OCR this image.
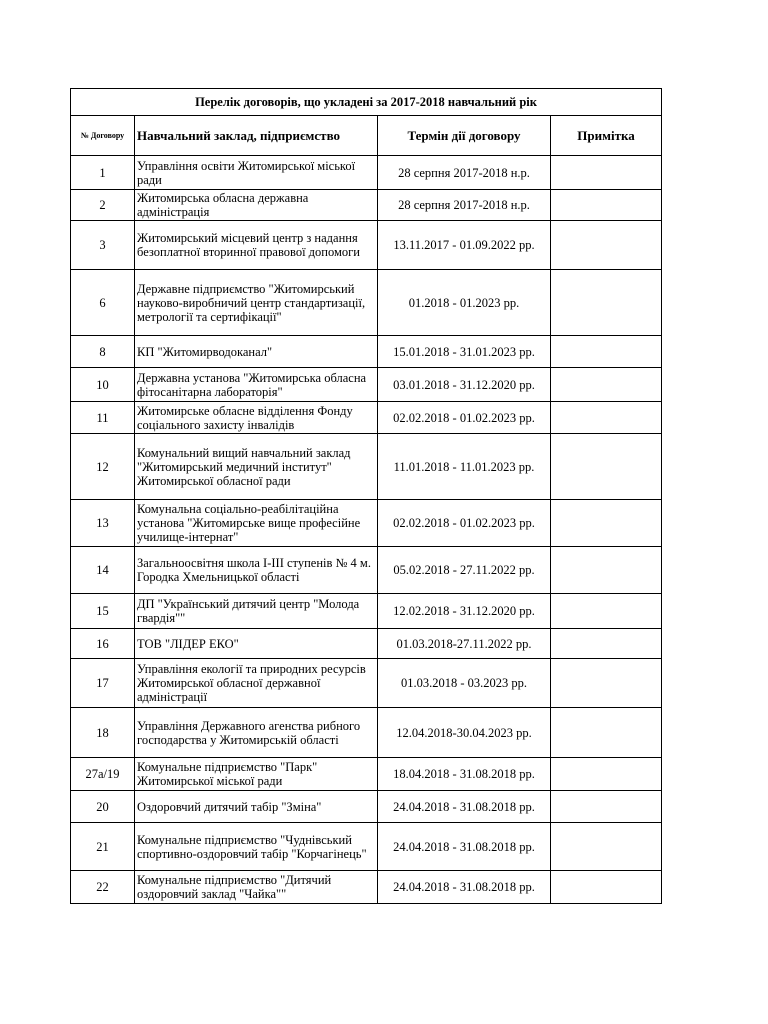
Перелік договорів, що укладені за 2017-2018 навчальний рік			
№ Договору	Навчальний заклад, підприємство	Термін дії договору	Примітка
1	Управління освіти Житомирської міської ради	28 серпня 2017-2018 н.р.	
2	Житомирська обласна державна адміністрація	28 серпня 2017-2018 н.р.	
3	Житомирський місцевий центр з надання безоплатної вторинної правової допомоги	13.11.2017 - 01.09.2022 рр.	
6	Державне підприємство "Житомирський науково-виробничий центр стандартизації, метрології та сертифікації"	01.2018 - 01.2023 рр.	
8	КП "Житомирводоканал"	15.01.2018 - 31.01.2023 рр.	
10	Державна установа "Житомирська обласна фітосанітарна лабораторія"	03.01.2018 - 31.12.2020 рр.	
11	Житомирське обласне відділення Фонду соціального захисту інвалідів	02.02.2018 - 01.02.2023 рр.	
12	Комунальний вищий навчальний заклад "Житомирський медичний інститут" Житомирської обласної ради	11.01.2018 - 11.01.2023 рр.	
13	Комунальна соціально-реабілітаційна установа "Житомирське вище професійне училище-інтернат"	02.02.2018 - 01.02.2023 рр.	
14	Загальноосвітня школа I-III ступенів № 4 м. Городка Хмельницької області	05.02.2018 - 27.11.2022 рр.	
15	ДП "Український дитячий центр "Молода гвардія""	12.02.2018 - 31.12.2020 рр.	
16	ТОВ "ЛІДЕР ЕКО"	01.03.2018-27.11.2022 рр.	
17	Управління екології та природних ресурсів Житомирської обласної державної адміністрації	01.03.2018 - 03.2023 рр.	
18	Управління Державного агенства рибного господарства у Житомирській області	12.04.2018-30.04.2023 рр.	
27а/19	Комунальне підприємство "Парк" Житомирської міської ради	18.04.2018 - 31.08.2018 рр.	
20	Оздоровчий дитячий табір "Зміна"	24.04.2018 - 31.08.2018 рр.	
21	Комунальне підприємство "Чуднівський спортивно-оздоровчий табір "Корчагінець"	24.04.2018 - 31.08.2018 рр.	
22	Комунальне підприємство "Дитячий оздоровчий заклад "Чайка""	24.04.2018 - 31.08.2018 рр.	
